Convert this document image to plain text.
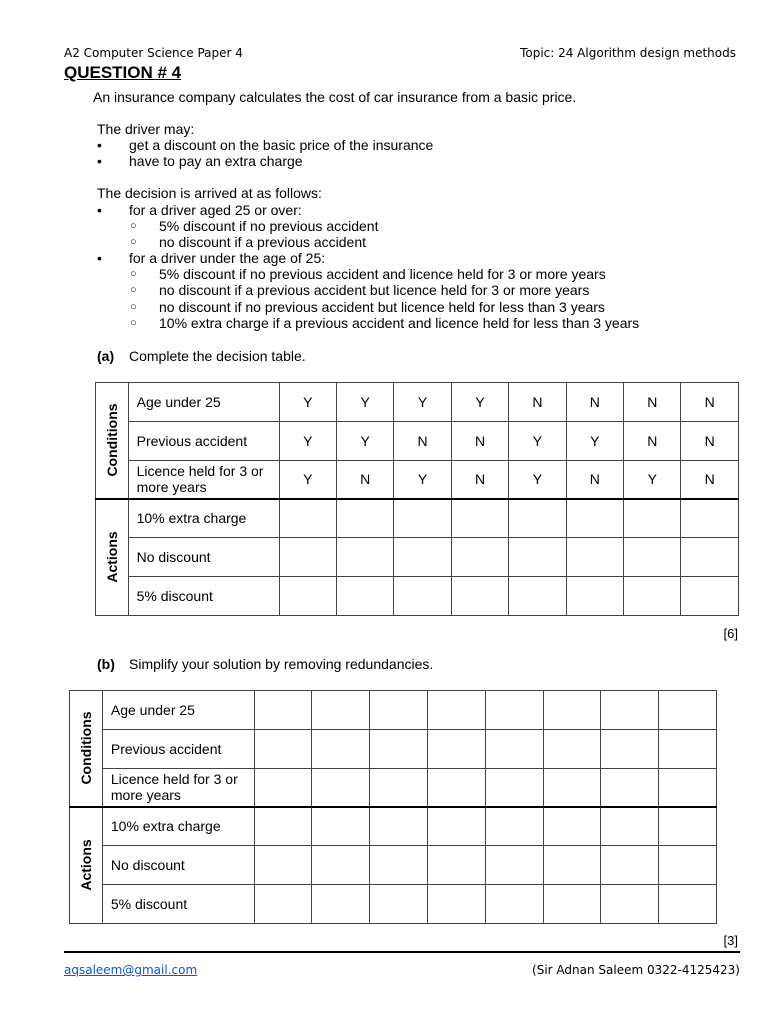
A2 Computer Science Paper 4	Topic: 24 Algorithm design methods
QUESTION # 4
An insurance company calculates the cost of car insurance from a basic price.
The driver may:
• get a discount on the basic price of the insurance
• have to pay an extra charge
The decision is arrived at as follows:
• for a driver aged 25 or over:
○ 5% discount if no previous accident
○ no discount if a previous accident
• for a driver under the age of 25:
○ 5% discount if no previous accident and licence held for 3 or more years
○ no discount if a previous accident but licence held for 3 or more years
○ no discount if no previous accident but licence held for less than 3 years
○ 10% extra charge if a previous accident and licence held for less than 3 years
(a) Complete the decision table.
Conditions	Age under 25	Y	Y	Y	Y	N	N	N	N
	Previous accident	Y	Y	N	N	Y	Y	N	N
	Licence held for 3 or
more years	Y	N	Y	N	Y	N	Y	N

Actions	10% extra charge								
	No discount								
	5% discount								
[6]
(b) Simplify your solution by removing redundancies.
Conditions	Age under 25								
	Previous accident								
	Licence held for 3 or
more years								

Actions	10% extra charge								
	No discount								
	5% discount								
[3]
aqsaleem@gmail.com	(Sir Adnan Saleem 0322-4125423)
